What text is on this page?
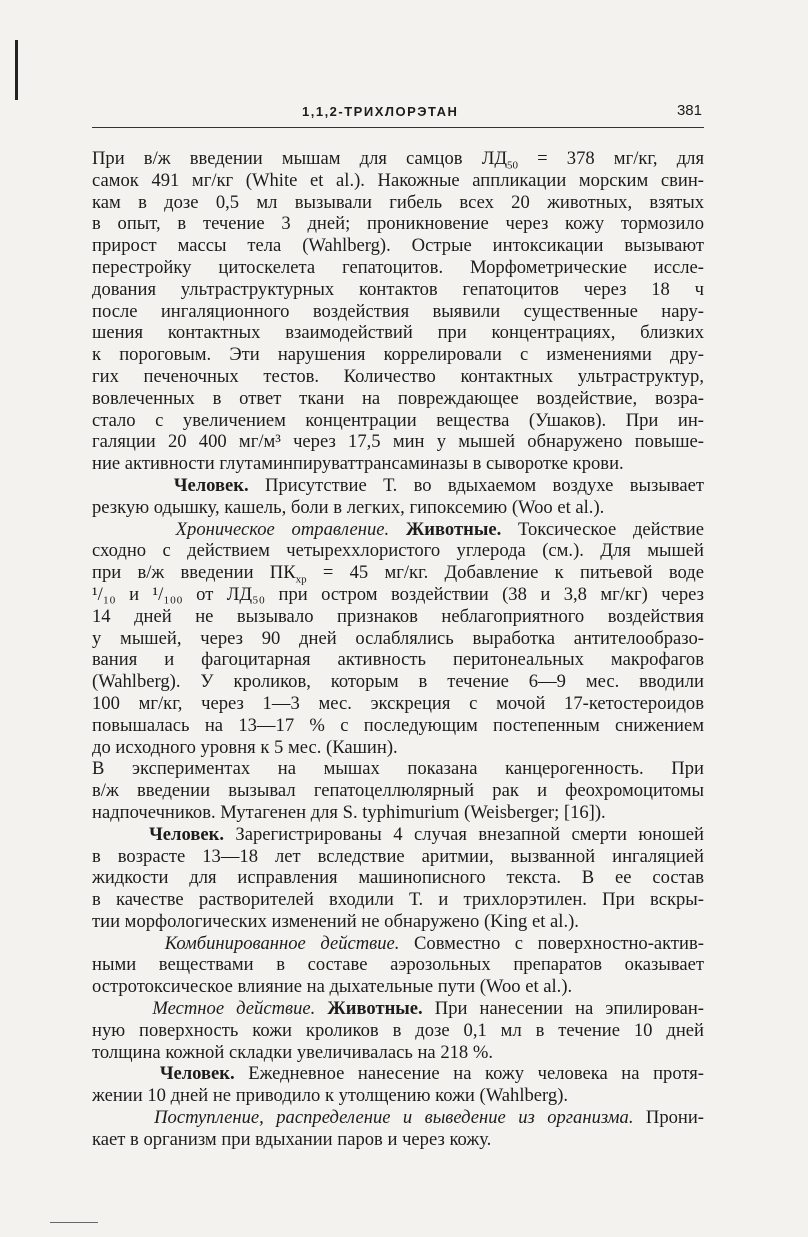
1,1,2-ТРИХЛОРЭТАН	381
При в/ж введении мышам для самцов $ЛД_{50} = 378$ мг/кг, для
самок 491 мг/кг (White et al.). Накожные аппликации морским свин-
кам в дозе 0,5 мл вызывали гибель всех 20 животных, взятых
в опыт, в течение 3 дней; проникновение через кожу тормозило
прирост массы тела (Wahlberg). Острые интоксикации вызывают
перестройку цитоскелета гепатоцитов. Морфометрические иссле-
дования ультраструктурных контактов гепатоцитов через 18 ч
после ингаляционного воздействия выявили существенные нару-
шения контактных взаимодействий при концентрациях, близких
к пороговым. Эти нарушения коррелировали с изменениями дру-
гих печеночных тестов. Количество контактных ультраструктур,
вовлеченных в ответ ткани на повреждающее воздействие, возра-
стало с увеличением концентрации вещества (Ушаков). При ин-
галяции 20 400 мг/м³ через 17,5 мин у мышей обнаружено повыше-
ние активности глутаминпируваттрансаминазы в сыворотке крови.
Человек. Присутствие Т. во вдыхаемом воздухе вызывает
резкую одышку, кашель, боли в легких, гипоксемию (Woo et al.).
Хроническое отравление. Животные. Токсическое действие
сходно с действием четыреххлористого углерода (см.). Для мышей
при в/ж введении $ПК_{хр} = 45$ мг/кг. Добавление к питьевой воде
¹/₁₀ и ¹/₁₀₀ от ЛД₅₀ при остром воздействии (38 и 3,8 мг/кг) через
14 дней не вызывало признаков неблагоприятного воздействия
у мышей, через 90 дней ослаблялись выработка антителообразо-
вания и фагоцитарная активность перитонеальных макрофагов
(Wahlberg). У кроликов, которым в течение 6—9 мес. вводили
100 мг/кг, через 1—3 мес. экскреция с мочой 17-кетостероидов
повышалась на 13—17 % с последующим постепенным снижением
до исходного уровня к 5 мес. (Кашин).
В экспериментах на мышах показана канцерогенность. При
в/ж введении вызывал гепатоцеллюлярный рак и феохромоцитомы
надпочечников. Мутагенен для S. typhimurium (Weisberger; [16]).
Человек. Зарегистрированы 4 случая внезапной смерти юношей
в возрасте 13—18 лет вследствие аритмии, вызванной ингаляцией
жидкости для исправления машинописного текста. В ее состав
в качестве растворителей входили Т. и трихлорэтилен. При вскры-
тии морфологических изменений не обнаружено (King et al.).
Комбинированное действие. Совместно с поверхностно-актив-
ными веществами в составе аэрозольных препаратов оказывает
остротоксическое влияние на дыхательные пути (Woo et al.).
Местное действие. Животные. При нанесении на эпилирован-
ную поверхность кожи кроликов в дозе 0,1 мл в течение 10 дней
толщина кожной складки увеличивалась на 218 %.
Человек. Ежедневное нанесение на кожу человека на протя-
жении 10 дней не приводило к утолщению кожи (Wahlberg).
Поступление, распределение и выведение из организма. Прони-
кает в организм при вдыхании паров и через кожу.
